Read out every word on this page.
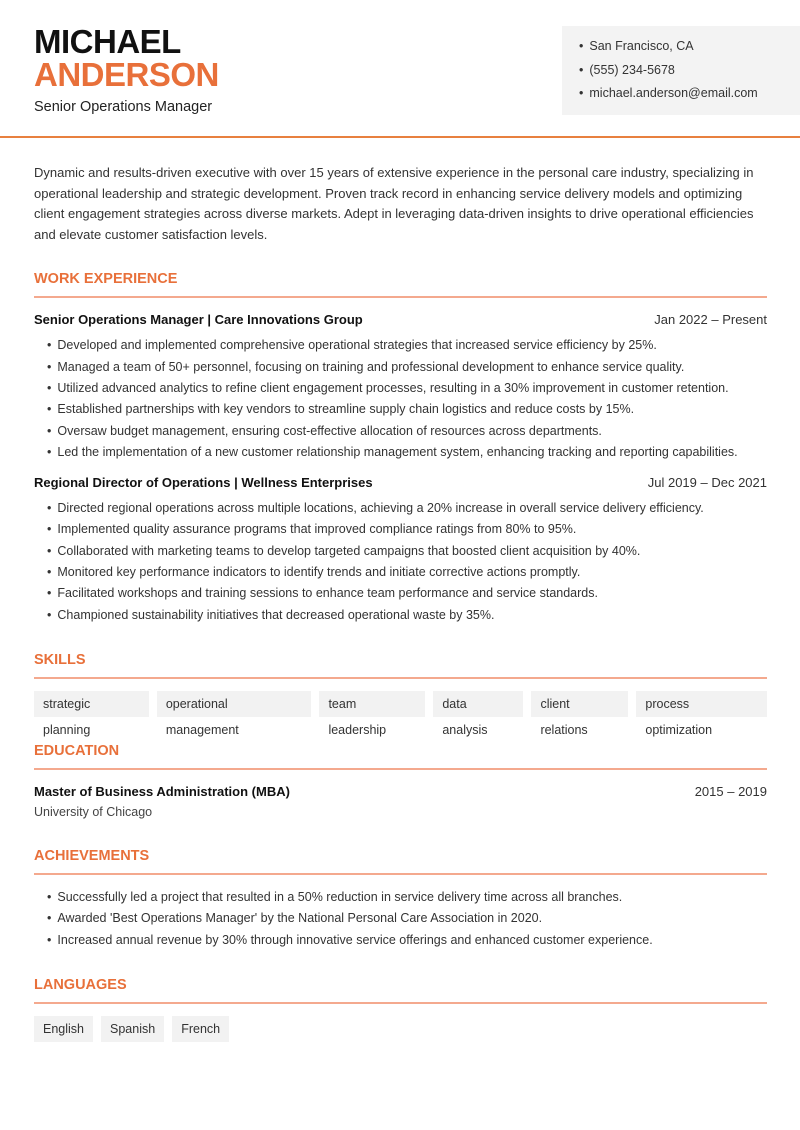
MICHAEL
ANDERSON
Senior Operations Manager
• San Francisco, CA
• (555) 234-5678
• michael.anderson@email.com

Dynamic and results-driven executive with over 15 years of extensive experience in the personal care industry, specializing in operational leadership and strategic development. Proven track record in enhancing service delivery models and optimizing client engagement strategies across diverse markets. Adept in leveraging data-driven insights to drive operational efficiencies and elevate customer satisfaction levels.

WORK EXPERIENCE
Senior Operations Manager | Care Innovations Group	Jan 2022 – Present
• Developed and implemented comprehensive operational strategies that increased service efficiency by 25%.
• Managed a team of 50+ personnel, focusing on training and professional development to enhance service quality.
• Utilized advanced analytics to refine client engagement processes, resulting in a 30% improvement in customer retention.
• Established partnerships with key vendors to streamline supply chain logistics and reduce costs by 15%.
• Oversaw budget management, ensuring cost-effective allocation of resources across departments.
• Led the implementation of a new customer relationship management system, enhancing tracking and reporting capabilities.
Regional Director of Operations | Wellness Enterprises	Jul 2019 – Dec 2021
• Directed regional operations across multiple locations, achieving a 20% increase in overall service delivery efficiency.
• Implemented quality assurance programs that improved compliance ratings from 80% to 95%.
• Collaborated with marketing teams to develop targeted campaigns that boosted client acquisition by 40%.
• Monitored key performance indicators to identify trends and initiate corrective actions promptly.
• Facilitated workshops and training sessions to enhance team performance and service standards.
• Championed sustainability initiatives that decreased operational waste by 35%.
SKILLS
strategic planning
operational management
team leadership
data analysis
client relations
process optimization
EDUCATION
Master of Business Administration (MBA)	2015 – 2019
University of Chicago
ACHIEVEMENTS
• Successfully led a project that resulted in a 50% reduction in service delivery time across all branches.
• Awarded 'Best Operations Manager' by the National Personal Care Association in 2020.
• Increased annual revenue by 30% through innovative service offerings and enhanced customer experience.
LANGUAGES
English	Spanish	French
